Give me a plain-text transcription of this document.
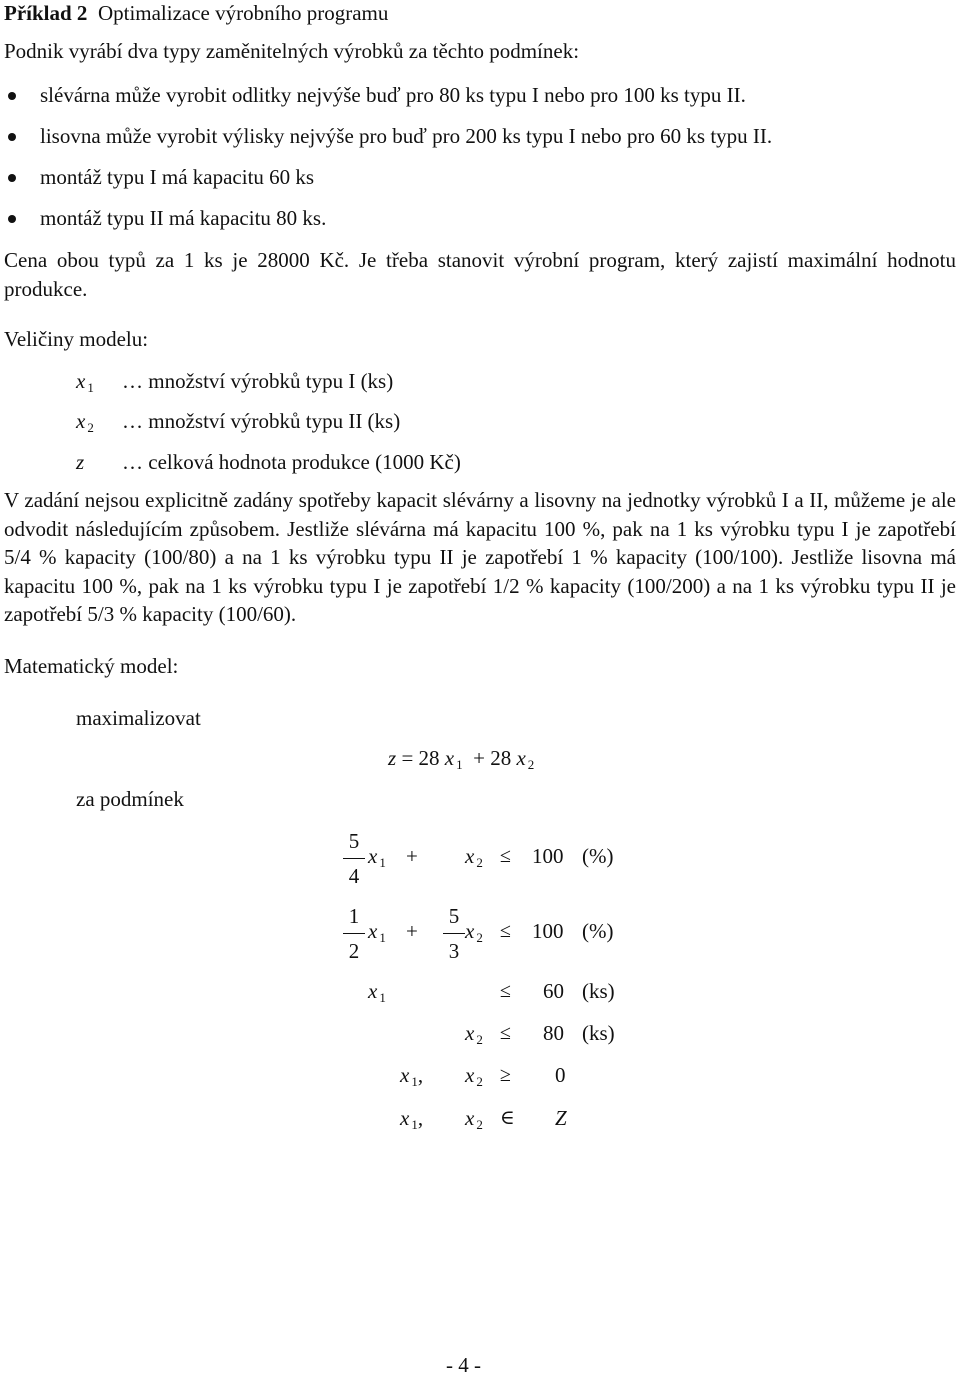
Příklad 2 Optimalizace výrobního programu
Podnik vyrábí dva typy zaměnitelných výrobků za těchto podmínek:
slévárna může vyrobit odlitky nejvýše buď pro 80 ks typu I nebo pro 100 ks typu II.
lisovna může vyrobit výlisky nejvýše pro buď pro 200 ks typu I nebo pro 60 ks typu II.
montáž typu I má kapacitu 60 ks
montáž typu II má kapacitu 80 ks.
Cena obou typů za 1 ks je 28000 Kč. Je třeba stanovit výrobní program, který zajistí maximální hodnotu produkce.
Veličiny modelu:
x 1 … množství výrobků typu I (ks)
x 2 … množství výrobků typu II (ks)
z … celková hodnota produkce (1000 Kč)
V zadání nejsou explicitně zadány spotřeby kapacit slévárny a lisovny na jednotky výrobků I a II, můžeme je ale odvodit následujícím způsobem. Jestliže slévárna má kapacitu 100 %, pak na 1 ks výrobku typu I je zapotřebí 5/4 % kapacity (100/80) a na 1 ks výrobku typu II je zapotřebí 1 % kapacity (100/100). Jestliže lisovna má kapacitu 100 %, pak na 1 ks výrobku typu I je zapotřebí 1/2 % kapacity (100/200) a na 1 ks výrobku typu II je zapotřebí 5/3 % kapacity (100/60).
Matematický model:
maximalizovat
z = 28 x 1 + 28 x 2
za podmínek
5
4
x 1 + x 2 ≤ 100 (%)
1
2
x 1 +
5
3
x 2 ≤ 100 (%)
x 1	≤ 60 (ks)
x 2 ≤ 80 (ks)
x 1, x 2 ≥ 0
x 1, x 2 ∈ Z
- 4 -
